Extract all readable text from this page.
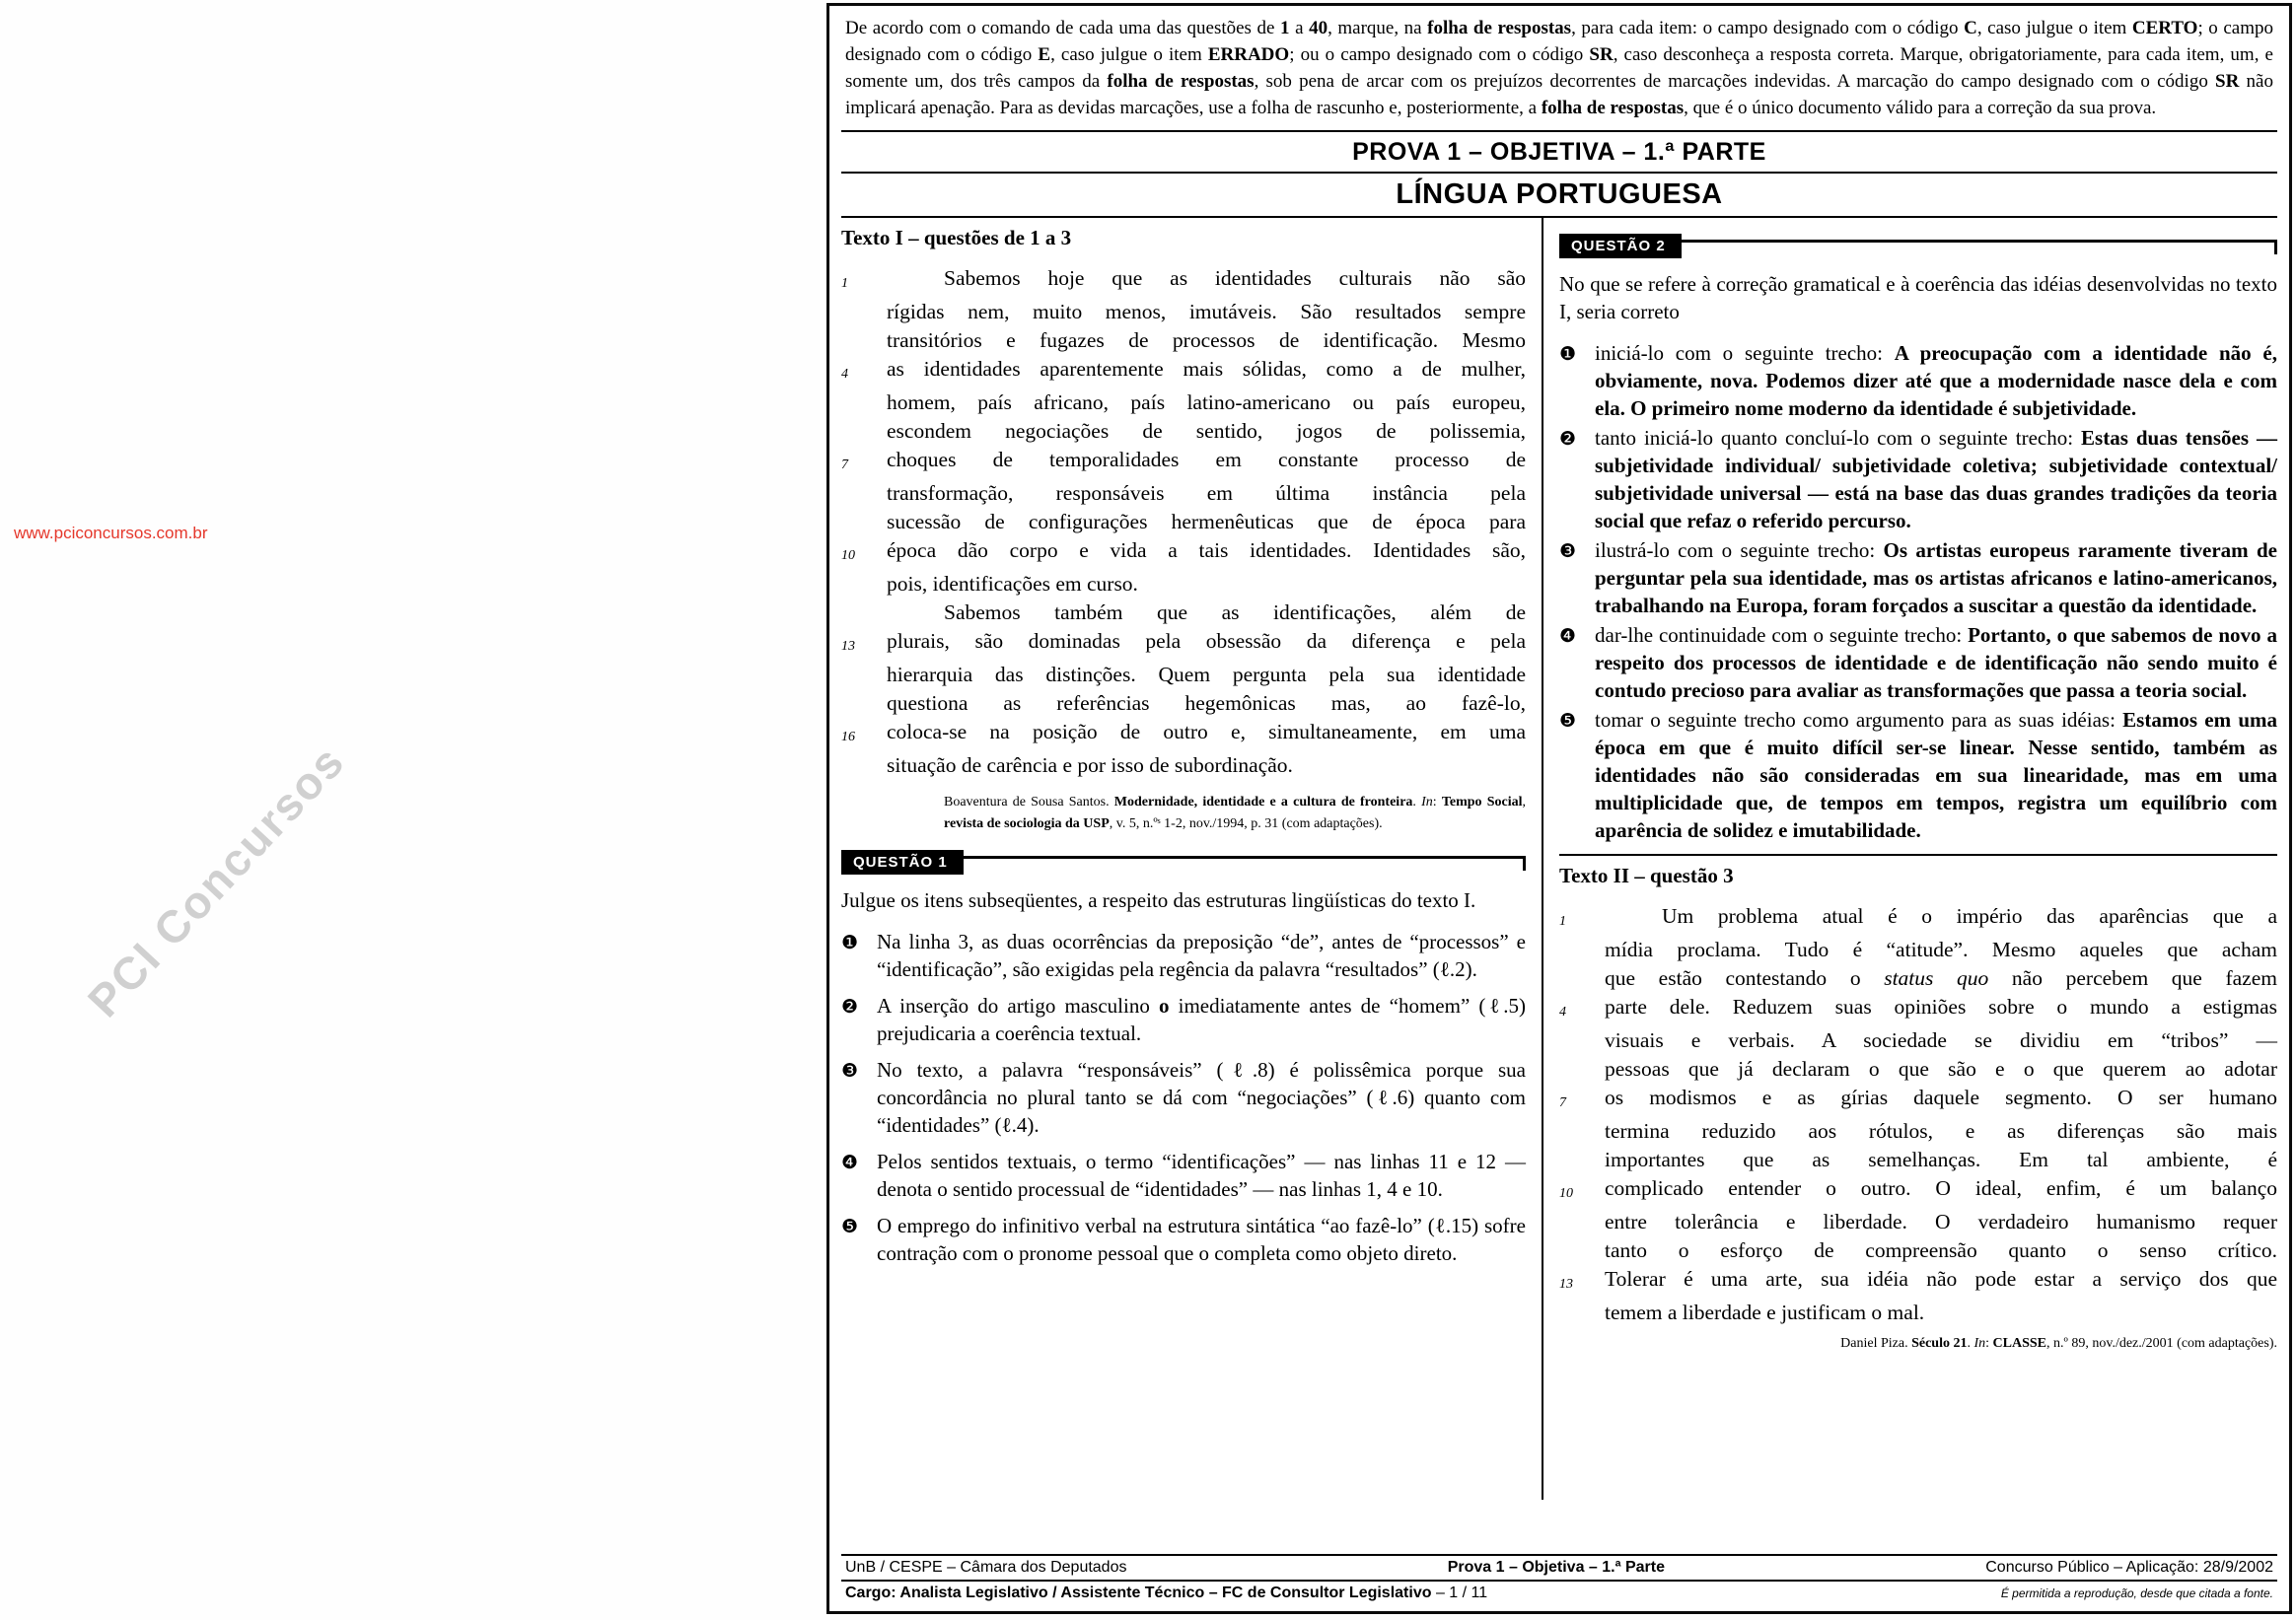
www.pciconcursos.com.br
PCI Concursos
De acordo com o comando de cada uma das questões de 1 a 40, marque, na folha de respostas, para cada item: o campo designado com o código C, caso julgue o item CERTO; o campo designado com o código E, caso julgue o item ERRADO; ou o campo designado com o código SR, caso desconheça a resposta correta. Marque, obrigatoriamente, para cada item, um, e somente um, dos três campos da folha de respostas, sob pena de arcar com os prejuízos decorrentes de marcações indevidas. A marcação do campo designado com o código SR não implicará apenação. Para as devidas marcações, use a folha de rascunho e, posteriormente, a folha de respostas, que é o único documento válido para a correção da sua prova.
PROVA 1 – OBJETIVA – 1.ª PARTE
LÍNGUA PORTUGUESA
Texto I – questões de 1 a 3
1	Sabemos hoje que as identidades culturais não são
rígidas nem, muito menos, imutáveis. São resultados sempre
transitórios e fugazes de processos de identificação. Mesmo
4	as identidades aparentemente mais sólidas, como a de mulher,
homem, país africano, país latino-americano ou país europeu,
escondem negociações de sentido, jogos de polissemia,
7	choques de temporalidades em constante processo de
transformação, responsáveis em última instância pela
sucessão de configurações hermenêuticas que de época para
10	época dão corpo e vida a tais identidades. Identidades são,
pois, identificações em curso.
Sabemos também que as identificações, além de
13	plurais, são dominadas pela obsessão da diferença e pela
hierarquia das distinções. Quem pergunta pela sua identidade
questiona as referências hegemônicas mas, ao fazê-lo,
16	coloca-se na posição de outro e, simultaneamente, em uma
situação de carência e por isso de subordinação.
Boaventura de Sousa Santos. Modernidade, identidade e a cultura de fronteira. In: Tempo Social, revista de sociologia da USP, v. 5, n.ºˢ 1-2, nov./1994, p. 31 (com adaptações).
QUESTÃO 1
Julgue os itens subseqüentes, a respeito das estruturas lingüísticas do texto I.
❶ Na linha 3, as duas ocorrências da preposição “de”, antes de “processos” e “identificação”, são exigidas pela regência da palavra “resultados” (ℓ.2).
❷ A inserção do artigo masculino o imediatamente antes de “homem” (ℓ.5) prejudicaria a coerência textual.
❸ No texto, a palavra “responsáveis” (ℓ.8) é polissêmica porque sua concordância no plural tanto se dá com “negociações” (ℓ.6) quanto com “identidades” (ℓ.4).
❹ Pelos sentidos textuais, o termo “identificações” — nas linhas 11 e 12 — denota o sentido processual de “identidades” — nas linhas 1, 4 e 10.
❺ O emprego do infinitivo verbal na estrutura sintática “ao fazê-lo” (ℓ.15) sofre contração com o pronome pessoal que o completa como objeto direto.
QUESTÃO 2
No que se refere à correção gramatical e à coerência das idéias desenvolvidas no texto I, seria correto
❶ iniciá-lo com o seguinte trecho: A preocupação com a identidade não é, obviamente, nova. Podemos dizer até que a modernidade nasce dela e com ela. O primeiro nome moderno da identidade é subjetividade.
❷ tanto iniciá-lo quanto concluí-lo com o seguinte trecho: Estas duas tensões — subjetividade individual/ subjetividade coletiva; subjetividade contextual/ subjetividade universal — está na base das duas grandes tradições da teoria social que refaz o referido percurso.
❸ ilustrá-lo com o seguinte trecho: Os artistas europeus raramente tiveram de perguntar pela sua identidade, mas os artistas africanos e latino-americanos, trabalhando na Europa, foram forçados a suscitar a questão da identidade.
❹ dar-lhe continuidade com o seguinte trecho: Portanto, o que sabemos de novo a respeito dos processos de identidade e de identificação não sendo muito é contudo precioso para avaliar as transformações que passa a teoria social.
❺ tomar o seguinte trecho como argumento para as suas idéias: Estamos em uma época em que é muito difícil ser-se linear. Nesse sentido, também as identidades não são consideradas em sua linearidade, mas em uma multiplicidade que, de tempos em tempos, registra um equilíbrio com aparência de solidez e imutabilidade.
Texto II – questão 3
1	Um problema atual é o império das aparências que a
mídia proclama. Tudo é “atitude”. Mesmo aqueles que acham
que estão contestando o status quo não percebem que fazem
4	parte dele. Reduzem suas opiniões sobre o mundo a estigmas
visuais e verbais. A sociedade se dividiu em “tribos” —
pessoas que já declaram o que são e o que querem ao adotar
7	os modismos e as gírias daquele segmento. O ser humano
termina reduzido aos rótulos, e as diferenças são mais
importantes que as semelhanças. Em tal ambiente, é
10	complicado entender o outro. O ideal, enfim, é um balanço
entre tolerância e liberdade. O verdadeiro humanismo requer
tanto o esforço de compreensão quanto o senso crítico.
13	Tolerar é uma arte, sua idéia não pode estar a serviço dos que
temem a liberdade e justificam o mal.
Daniel Piza. Século 21. In: CLASSE, n.º 89, nov./dez./2001 (com adaptações).
UnB / CESPE – Câmara dos Deputados	Prova 1 – Objetiva – 1.ª Parte	Concurso Público – Aplicação: 28/9/2002
Cargo: Analista Legislativo / Assistente Técnico – FC de Consultor Legislativo – 1 / 11	É permitida a reprodução, desde que citada a fonte.
